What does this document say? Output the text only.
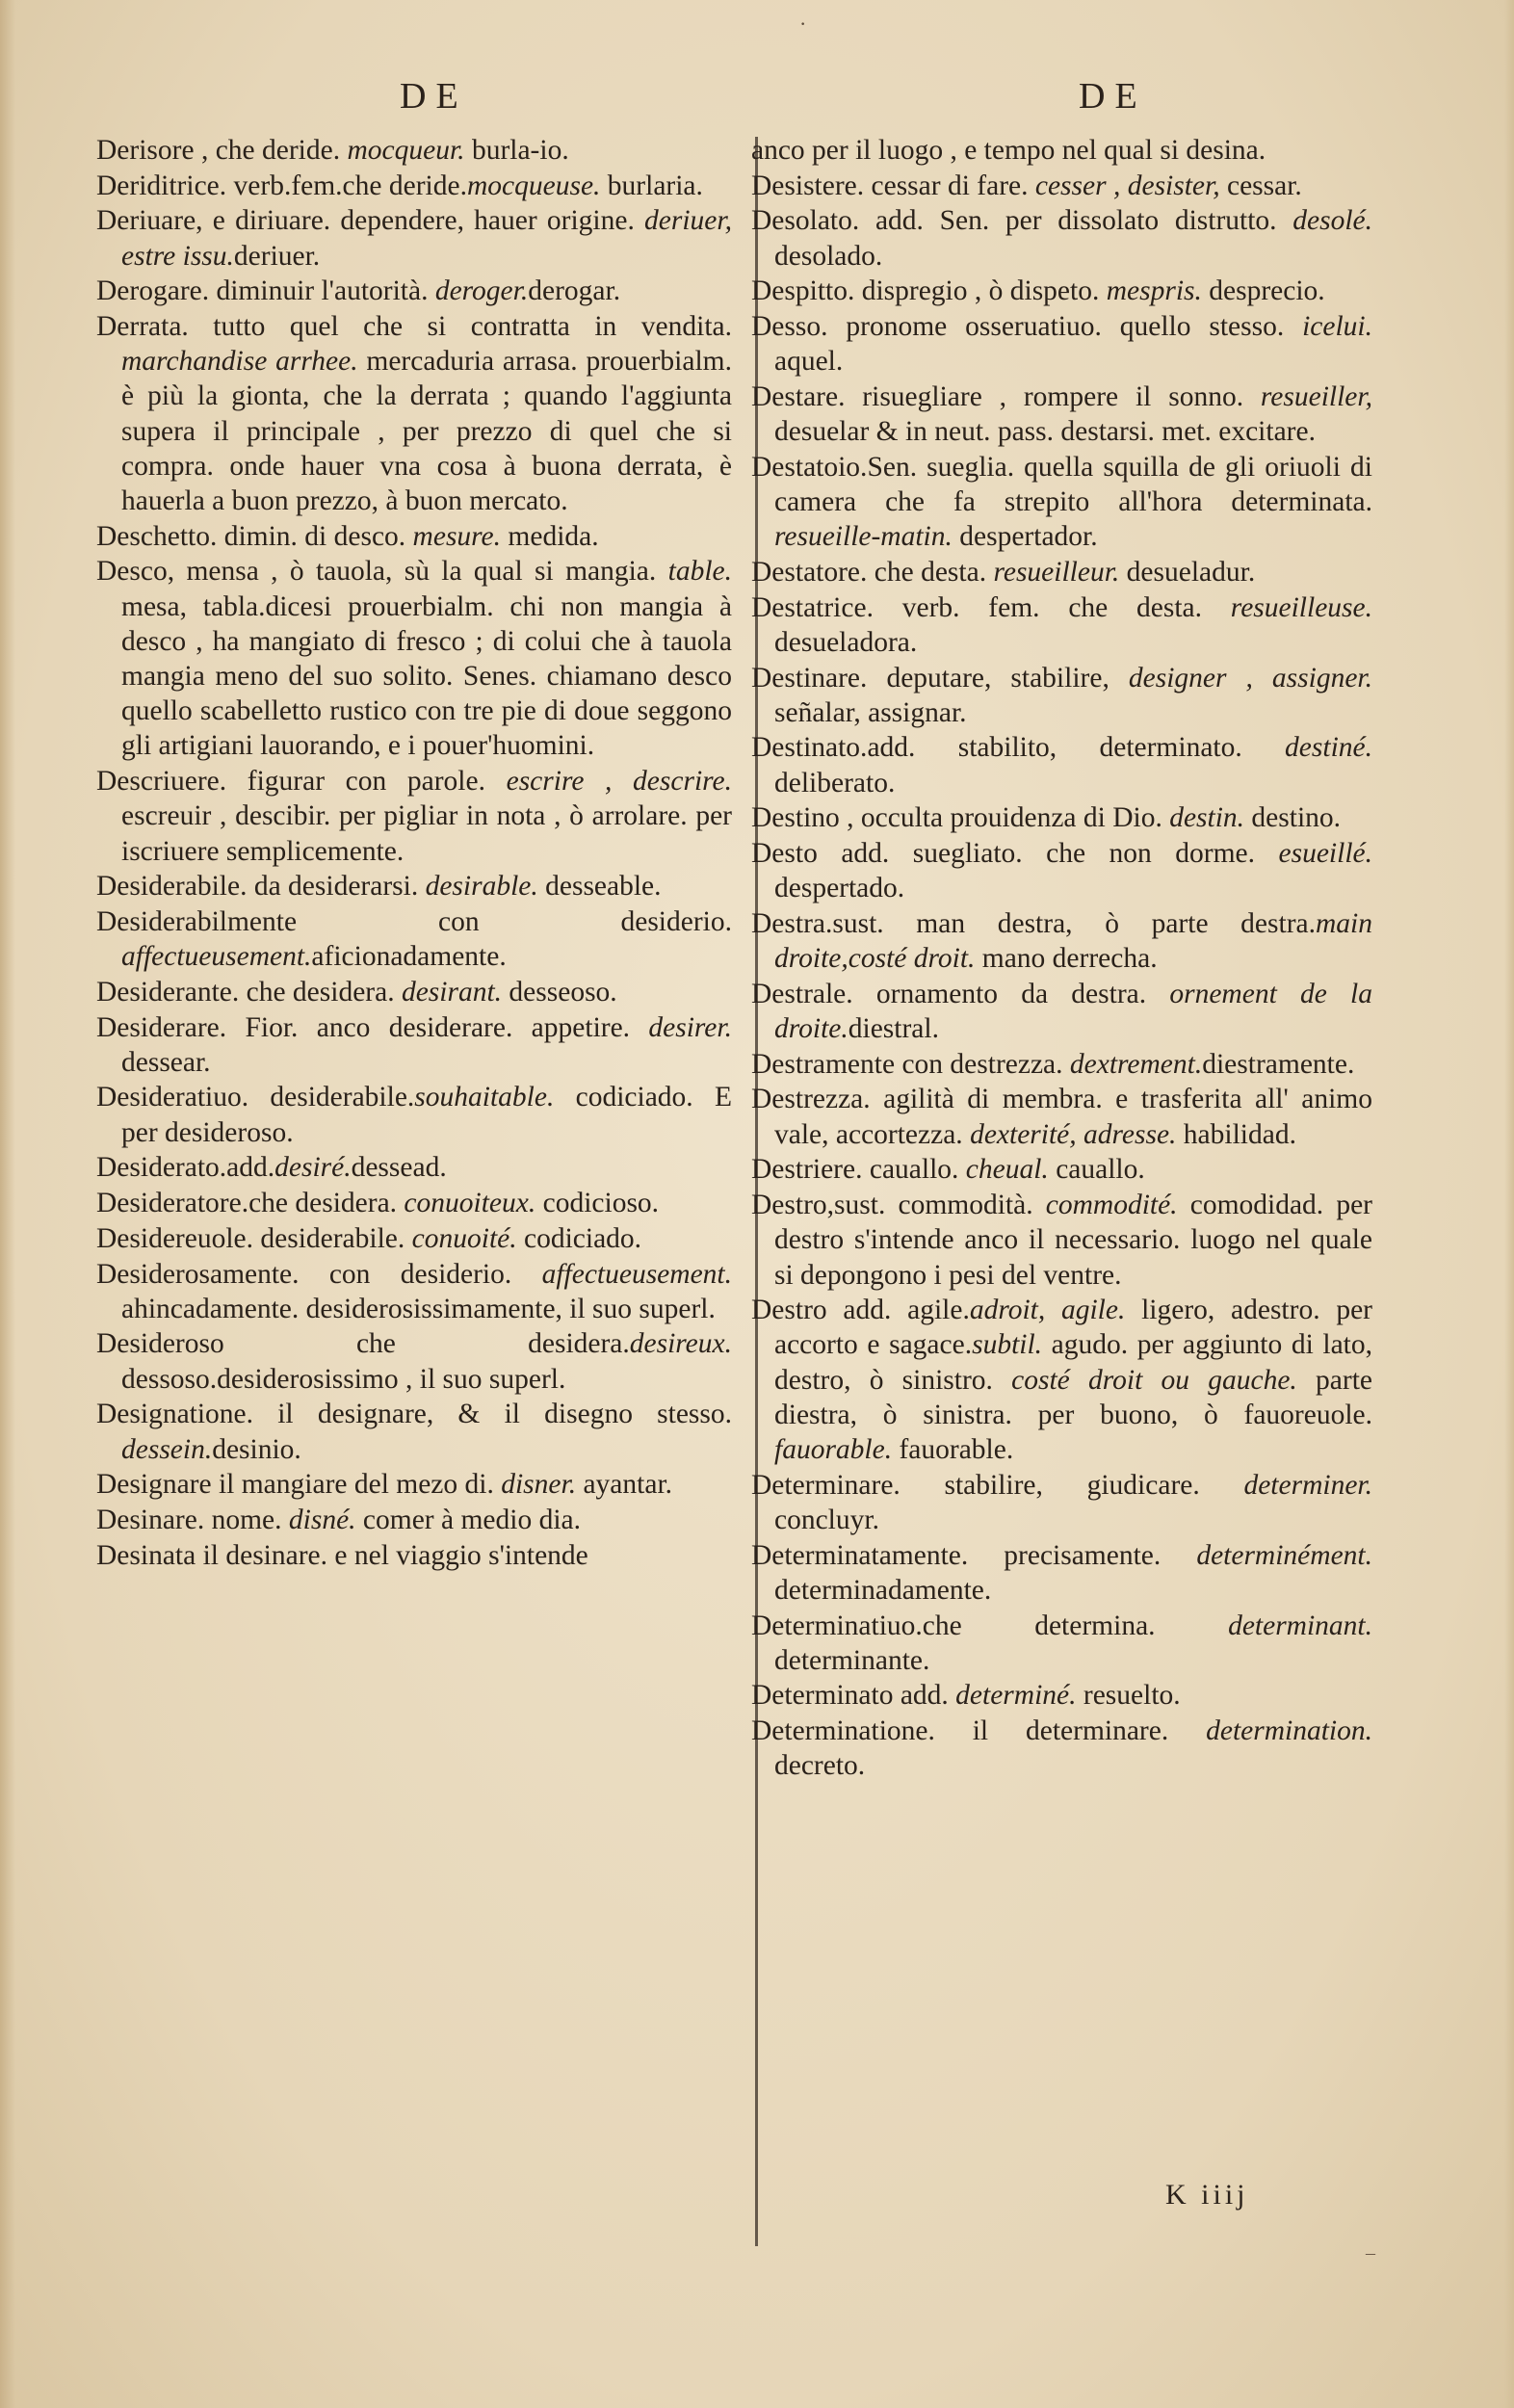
·
DE	DE
Derisore , che deride. mocqueur. burla-io.
Deriditrice. verb.fem.che deride.mocqueuse. burlaria.
Deriuare, e diriuare. dependere, hauer origine. deriuer, estre issu.deriuer.
Derogare. diminuir l'autorità. deroger.derogar.
Derrata. tutto quel che si contratta in vendita. marchandise arrhee. mercaduria arrasa. prouerbialm. è più la gionta, che la derrata ; quando l'aggiunta supera il principale , per prezzo di quel che si compra. onde hauer vna cosa à buona derrata, è hauerla a buon prezzo, à buon mercato.
Deschetto. dimin. di desco. mesure. medida.
Desco, mensa , ò tauola, sù la qual si mangia. table. mesa, tabla.dicesi prouerbialm. chi non mangia à desco , ha mangiato di fresco ; di colui che à tauola mangia meno del suo solito. Senes. chiamano desco quello scabelletto rustico con tre pie di doue seggono gli artigiani lauorando, e i pouer'huomini.
Descriuere. figurar con parole. escrire , descrire. escreuir , descibir. per pigliar in nota , ò arrolare. per iscriuere semplicemente.
Desiderabile. da desiderarsi. desirable. desseable.
Desiderabilmente con desiderio. affectueusement.aficionadamente.
Desiderante. che desidera. desirant. desseoso.
Desiderare. Fior. anco desiderare. appetire. desirer. dessear.
Desideratiuo. desiderabile.souhaitable. codiciado. E per desideroso.
Desiderato.add.desiré.dessead.
Desideratore.che desidera. conuoiteux. codicioso.
Desidereuole. desiderabile. conuoité. codiciado.
Desiderosamente. con desiderio. affectueusement. ahincadamente. desiderosissimamente, il suo superl.
Desideroso che desidera.desireux. dessoso.desiderosissimo , il suo superl.
Designatione. il designare, & il disegno stesso. dessein.desinio.
Designare il mangiare del mezo di. disner. ayantar.
Desinare. nome. disné. comer à medio dia.
Desinata il desinare. e nel viaggio s'intende
anco per il luogo , e tempo nel qual si desina.
Desistere. cessar di fare. cesser , desister, cessar.
Desolato. add. Sen. per dissolato distrutto. desolé. desolado.
Despitto. dispregio , ò dispeto. mespris. desprecio.
Desso. pronome osseruatiuo. quello stesso. icelui. aquel.
Destare. risuegliare , rompere il sonno. resueiller, desuelar & in neut. pass. destarsi. met. excitare.
Destatoio.Sen. sueglia. quella squilla de gli oriuoli di camera che fa strepito all'hora determinata. resueille-matin. despertador.
Destatore. che desta. resueilleur. desueladur.
Destatrice. verb. fem. che desta. resueilleuse. desueladora.
Destinare. deputare, stabilire, designer , assigner. señalar, assignar.
Destinato.add. stabilito, determinato. destiné. deliberato.
Destino , occulta prouidenza di Dio. destin. destino.
Desto add. suegliato. che non dorme. esueillé. despertado.
Destra.sust. man destra, ò parte destra.main droite,costé droit. mano derrecha.
Destrale. ornamento da destra. ornement de la droite.diestral.
Destramente con destrezza. dextrement.diestramente.
Destrezza. agilità di membra. e trasferita all' animo vale, accortezza. dexterité, adresse. habilidad.
Destriere. cauallo. cheual. cauallo.
Destro,sust. commodità. commodité. comodidad. per destro s'intende anco il necessario. luogo nel quale si depongono i pesi del ventre.
Destro add. agile.adroit, agile. ligero, adestro. per accorto e sagace.subtil. agudo. per aggiunto di lato, destro, ò sinistro. costé droit ou gauche. parte diestra, ò sinistra. per buono, ò fauoreuole. fauorable. fauorable.
Determinare. stabilire, giudicare. determiner. concluyr.
Determinatamente. precisamente. determinément. determinadamente.
Determinatiuo.che determina. determinant. determinante.
Determinato add. determiné. resuelto.
Determinatione. il determinare. determination. decreto.
K iiij
–
